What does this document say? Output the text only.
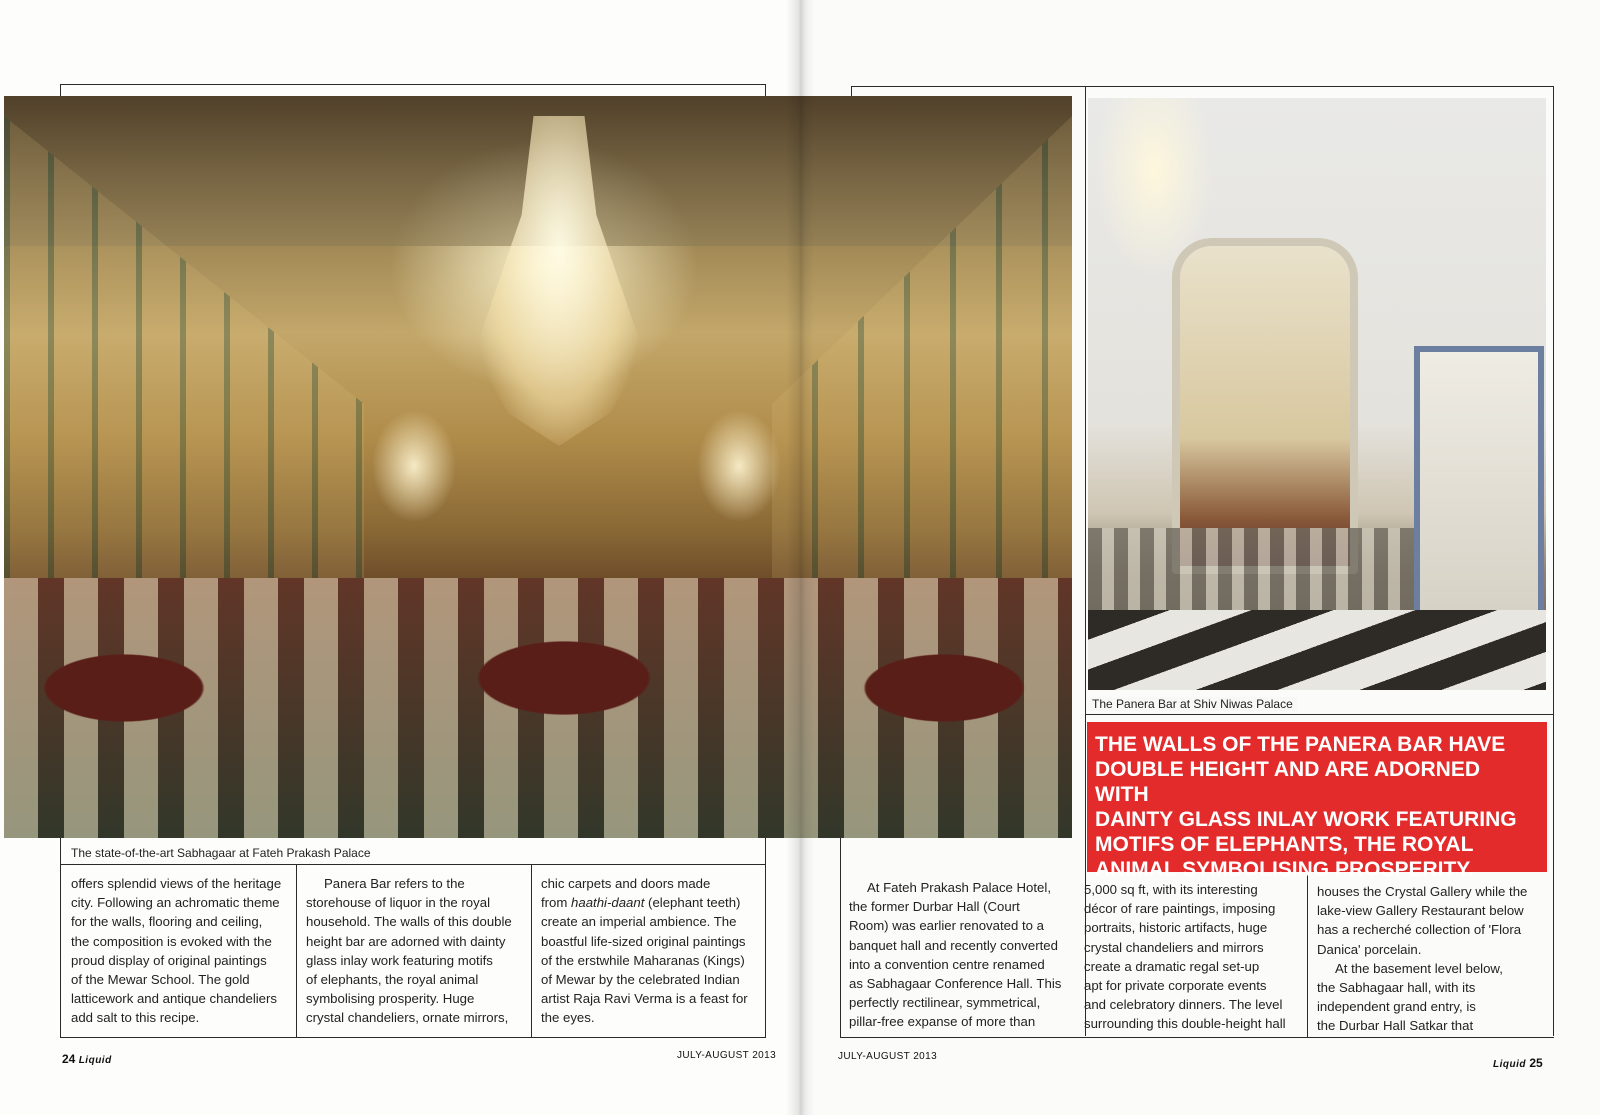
The state-of-the-art Sabhagaar at Fateh Prakash Palace
The Panera Bar at Shiv Niwas Palace
THE WALLS OF THE PANERA BAR HAVE
DOUBLE HEIGHT AND ARE ADORNED WITH
DAINTY GLASS INLAY WORK FEATURING
MOTIFS OF ELEPHANTS, THE ROYAL
ANIMAL SYMBOLISING PROSPERITY.
offers splendid views of the heritage
city. Following an achromatic theme
for the walls, flooring and ceiling,
the composition is evoked with the
proud display of original paintings
of the Mewar School. The gold
latticework and antique chandeliers
add salt to this recipe.
Panera Bar refers to the
storehouse of liquor in the royal
household. The walls of this double
height bar are adorned with dainty
glass inlay work featuring motifs
of elephants, the royal animal
symbolising prosperity. Huge
crystal chandeliers, ornate mirrors,
chic carpets and doors made
from haathi-daant (elephant teeth)
create an imperial ambience. The
boastful life-sized original paintings
of the erstwhile Maharanas (Kings)
of Mewar by the celebrated Indian
artist Raja Ravi Verma is a feast for
the eyes.
At Fateh Prakash Palace Hotel,
the former Durbar Hall (Court
Room) was earlier renovated to a
banquet hall and recently converted
into a convention centre renamed
as Sabhagaar Conference Hall. This
perfectly rectilinear, symmetrical,
pillar-free expanse of more than
5,000 sq ft, with its interesting
décor of rare paintings, imposing
portraits, historic artifacts, huge
crystal chandeliers and mirrors
create a dramatic regal set-up
apt for private corporate events
and celebratory dinners. The level
surrounding this double-height hall
houses the Crystal Gallery while the
lake-view Gallery Restaurant below
has a recherché collection of 'Flora
Danica' porcelain.
At the basement level below,
the Sabhagaar hall, with its
independent grand entry, is
the Durbar Hall Satkar that
24 Liquid	JULY-AUGUST 2013	JULY-AUGUST 2013
Liquid 25
